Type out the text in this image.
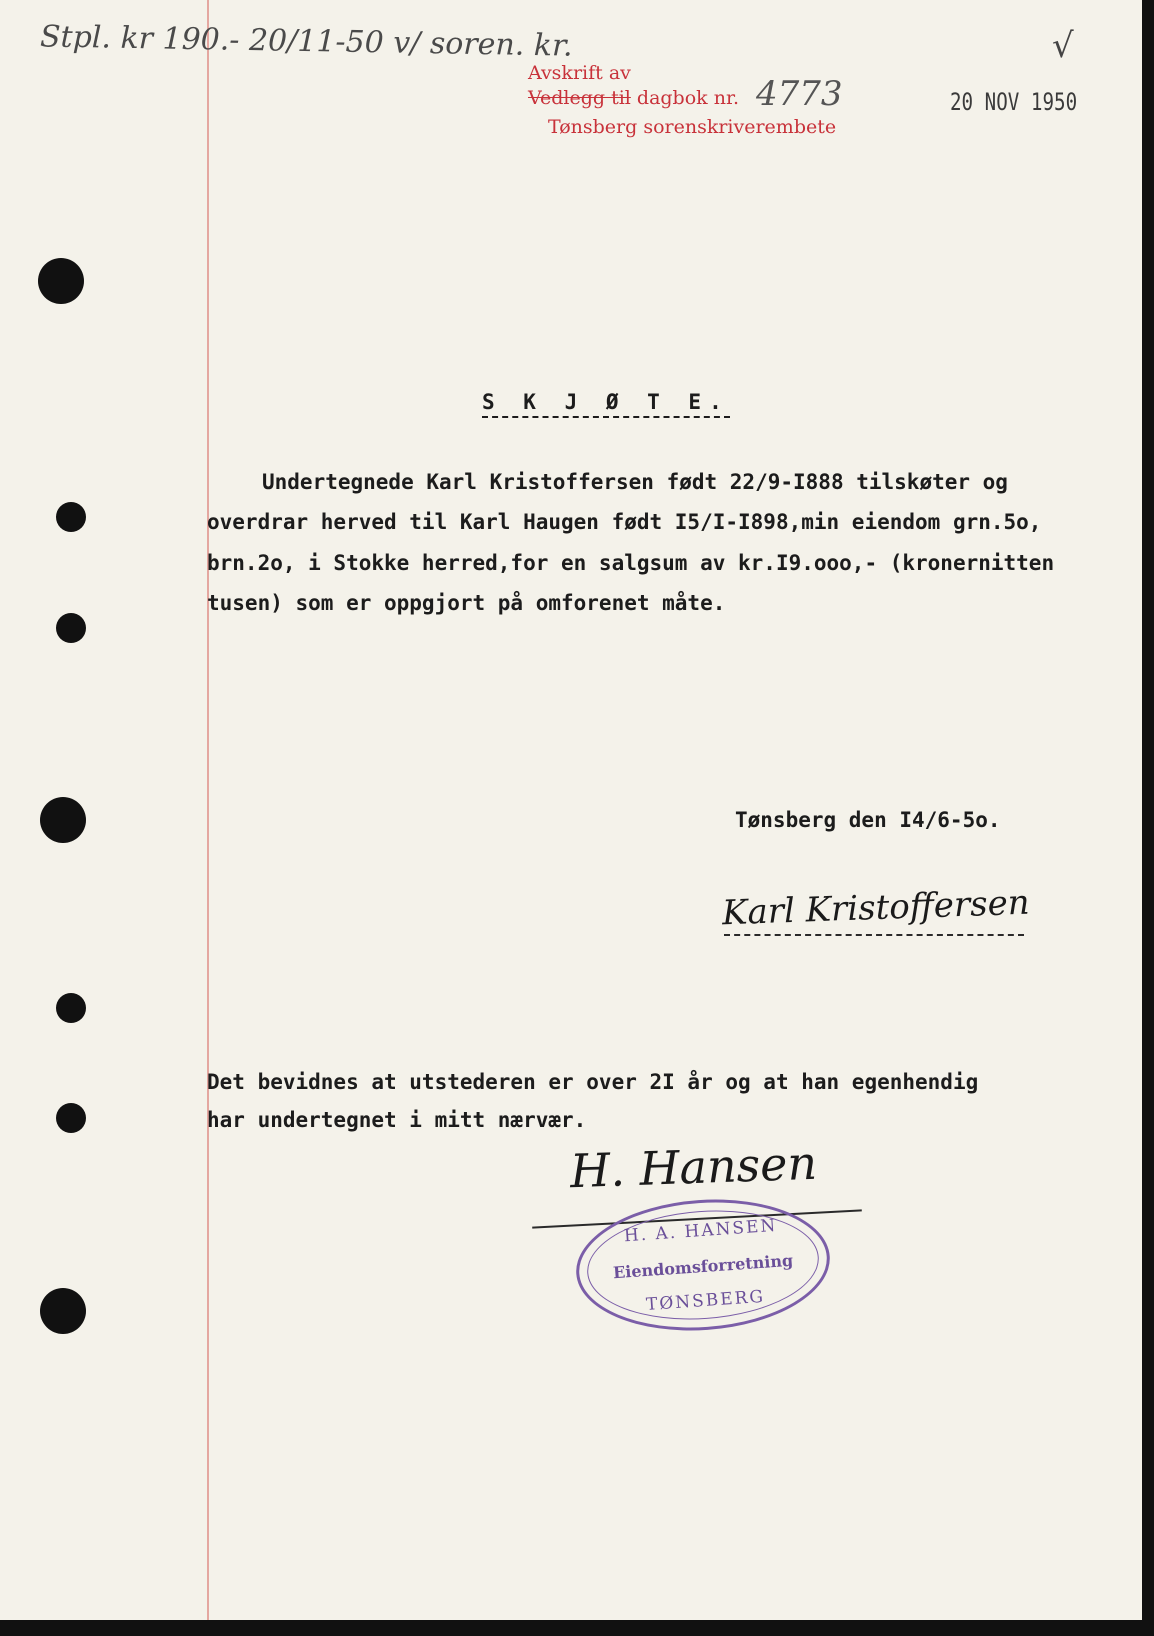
Stpl. kr 190.- 20/11-50 v/ soren. kr.
Avskrift av
Vedlegg til dagbok nr. 4773
Tønsberg sorenskriverembete
20 NOV 1950
√
S K J Ø T E.
Undertegnede Karl Kristoffersen født 22/9-I888 tilskøter og
overdrar herved til Karl Haugen født I5/I-I898,min eiendom grn.5o,
brn.2o, i Stokke herred,for en salgsum av kr.I9.ooo,- (kronernitten
tusen) som er oppgjort på omforenet måte.
Tønsberg den I4/6-5o.
Karl Kristoffersen
Det bevidnes at utstederen er over 2I år og at han egenhendig
har undertegnet i mitt nærvær.
H. Hansen
H. A. HANSEN
Eiendomsforretning
TØNSBERG
